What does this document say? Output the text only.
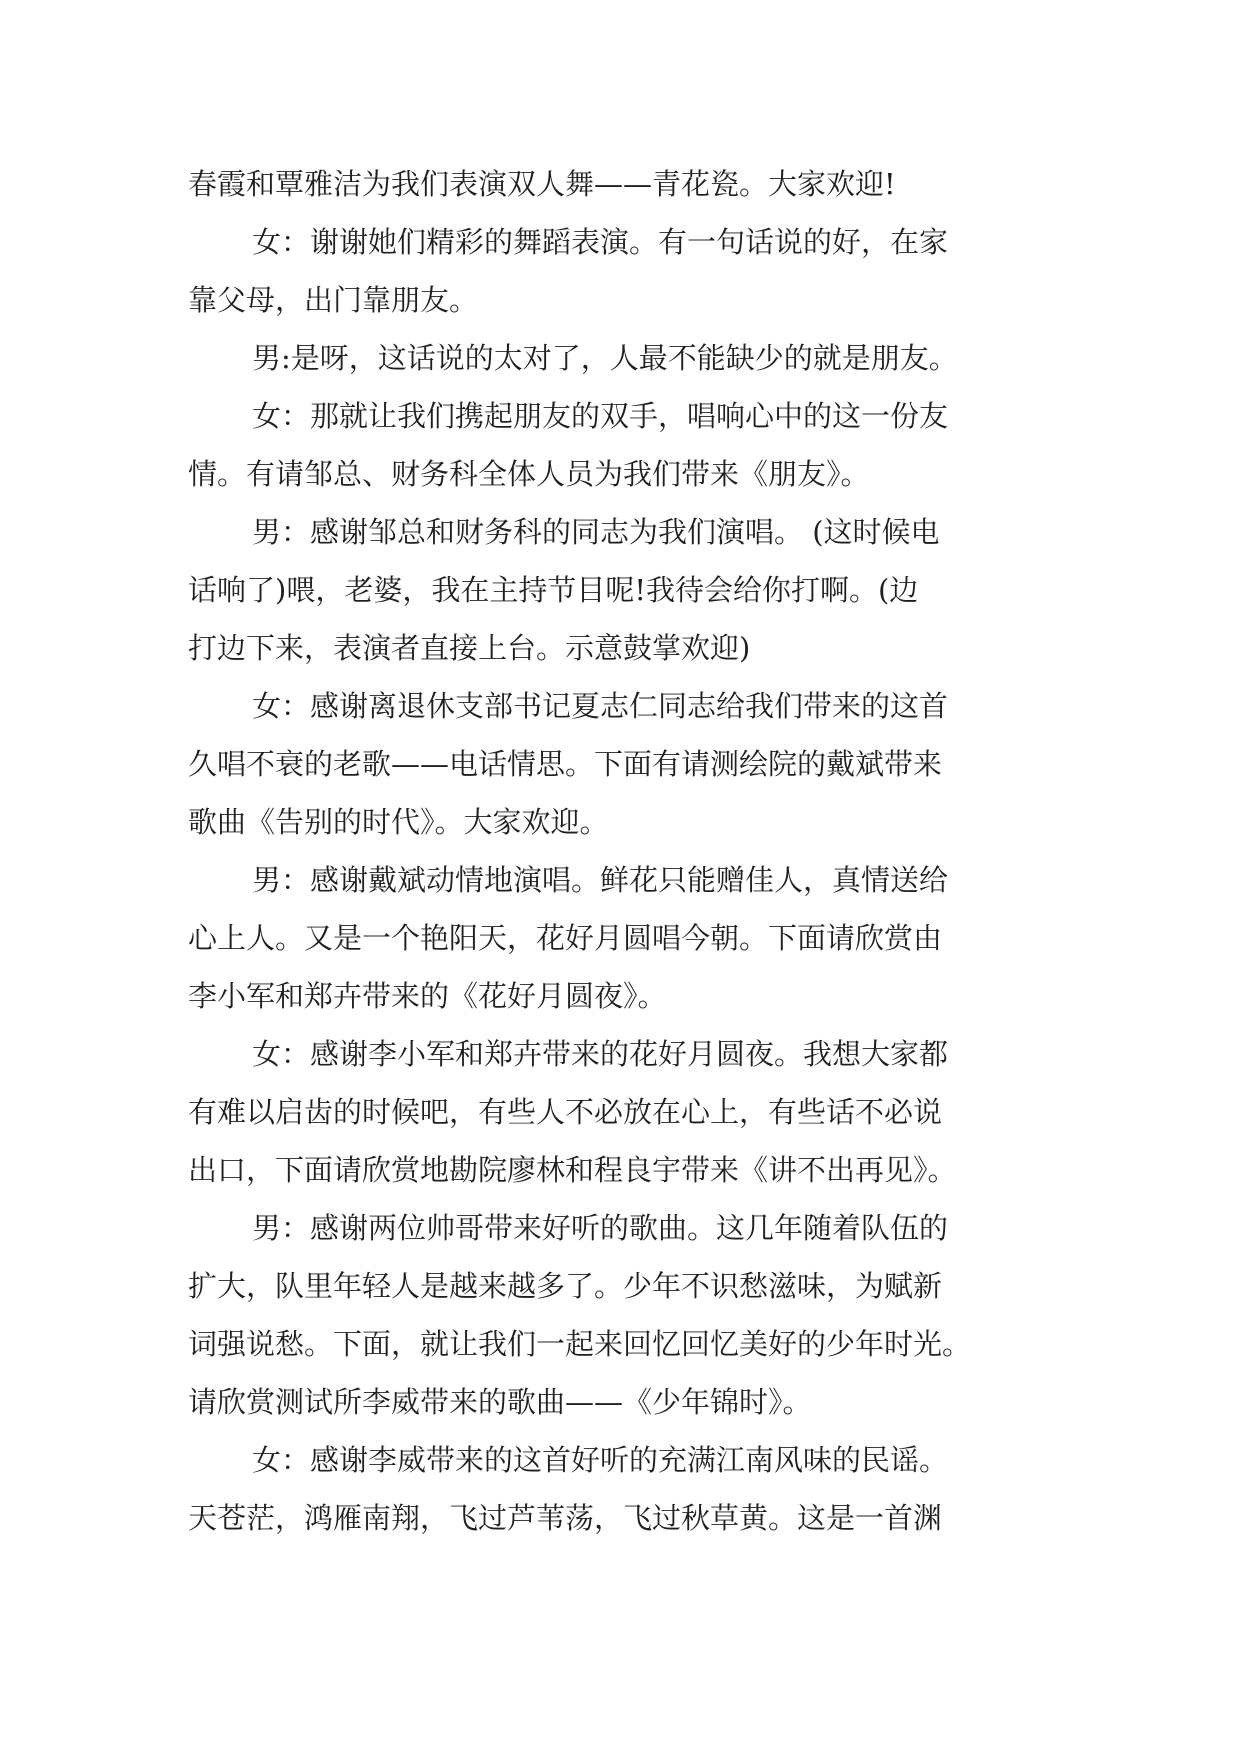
春霞和覃雅洁为我们表演双人舞——青花瓷。大家欢迎!
女：谢谢她们精彩的舞蹈表演。有一句话说的好，在家
靠父母，出门靠朋友。
男:是呀，这话说的太对了，人最不能缺少的就是朋友。
女：那就让我们携起朋友的双手，唱响心中的这一份友
情。有请邹总、财务科全体人员为我们带来《朋友》。
男：感谢邹总和财务科的同志为我们演唱。 (这时候电
话响了)喂，老婆，我在主持节目呢!我待会给你打啊。(边
打边下来，表演者直接上台。示意鼓掌欢迎)
女：感谢离退休支部书记夏志仁同志给我们带来的这首
久唱不衰的老歌——电话情思。下面有请测绘院的戴斌带来
歌曲《告别的时代》。大家欢迎。
男：感谢戴斌动情地演唱。鲜花只能赠佳人，真情送给
心上人。又是一个艳阳天，花好月圆唱今朝。下面请欣赏由
李小军和郑卉带来的《花好月圆夜》。
女：感谢李小军和郑卉带来的花好月圆夜。我想大家都
有难以启齿的时候吧，有些人不必放在心上，有些话不必说
出口，下面请欣赏地勘院廖林和程良宇带来《讲不出再见》。
男：感谢两位帅哥带来好听的歌曲。这几年随着队伍的
扩大，队里年轻人是越来越多了。少年不识愁滋味，为赋新
词强说愁。下面，就让我们一起来回忆回忆美好的少年时光。
请欣赏测试所李威带来的歌曲——《少年锦时》。
女：感谢李威带来的这首好听的充满江南风味的民谣。
天苍茫，鸿雁南翔，飞过芦苇荡，飞过秋草黄。这是一首渊
